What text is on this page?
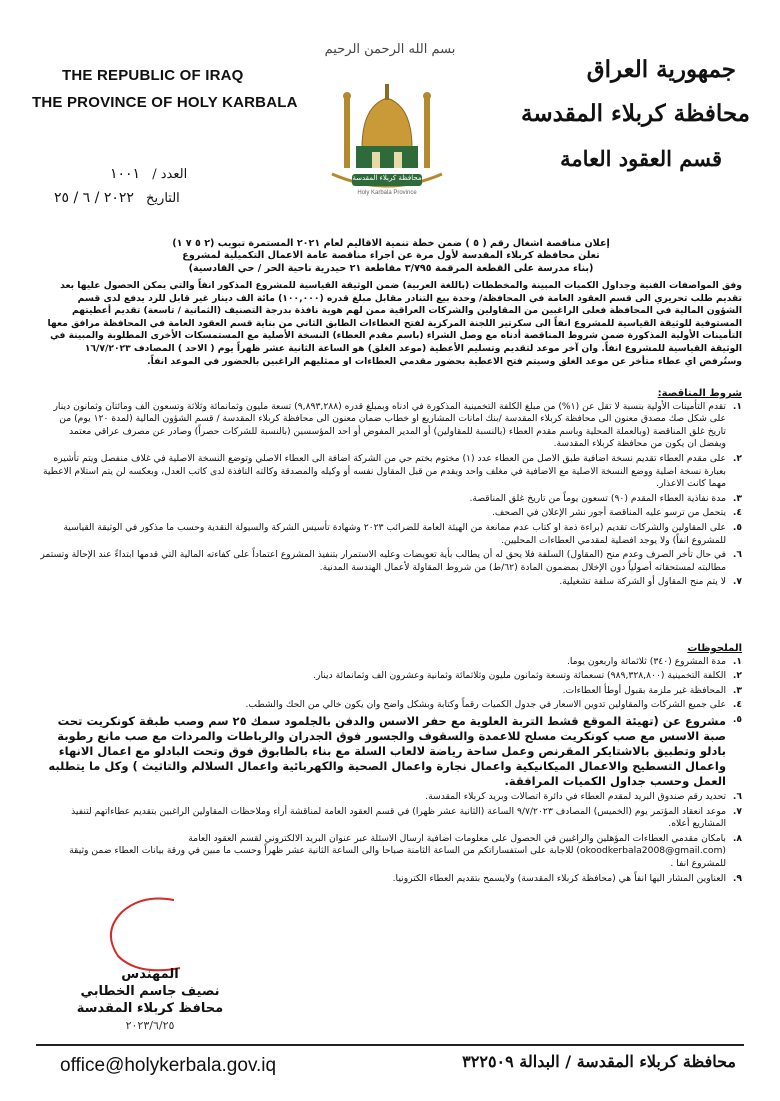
THE REPUBLIC OF IRAQ
THE PROVINCE OF HOLY KARBALA
جمهورية العراق
محافظة كربلاء المقدسة
قسم العقود العامة
بسم الله الرحمن الرحيم
محافظة كربلاء المقدسة
Holy Karbala Province
العدد / ١٠٠١
التاريخ ٢٠٢٢ / ٦ / ٢٥
إعلان مناقصة اشغال رقم ( ٥ ) ضمن خطة تنمية الاقاليم لعام ٢٠٢١ المستمرة تبويب (٢ ٥ ٧ ١)
تعلن محافظة كربلاء المقدسة لأول مرة عن اجراء مناقصة عامة الاعمال التكميلية لمشروع
(بناء مدرسة على القطعة المرقمة ٣/٧٩٥ مقاطعة ٢١ حيدرية ناحية الحر / حي القادسية)
وفق المواصفات الفنية وجداول الكميات المبينة والمخططات (باللغة العربية) ضمن الوثيقة القياسية للمشروع المذكور انفاً والتي يمكن الحصول عليها بعد تقديم طلب تحريري الى قسم العقود العامة في المحافظة/ وحدة بيع التنادر مقابل مبلغ قدره (١٠٠,٠٠٠) مائة الف دينار غير قابل للرد يدفع لدى قسم الشؤون المالية في المحافظة فعلى الراغبين من المقاولين والشركات العراقية ممن لهم هوية نافذة بدرجة التصنيف (الثمانية / تاسعة) تقديم أعطيتهم المستوفية للوثيقة القياسية للمشروع انفاً الى سكرتير اللجنة المركزية لفتح العطاءات الطابق الثاني من بناية قسم العقود العامة في المحافظة مرافق معها التأمينات الأولية المذكورة ضمن شروط المناقصة أدناه مع وصل الشراء (باسم مقدم العطاء) النسخة الأصلية مع المستمسكات الأخرى المطلوبة والمبينة في الوثيقة القياسية للمشروع انفاً. وان آخر موعد لتقديم وتسليم الأعطية (موعد الغلق) هو الساعة الثانية عشر ظهراً يوم ( الاحد ) المصادف ١٦/٧/٢٠٢٣ وستُرفض اي عطاء متأخر عن موعد الغلق وسيتم فتح الاعطية بحضور مقدمي العطاءات او ممثليهم الراغبين بالحضور في الموعد انفاً.
شروط المناقصة:
١.
تقدم التأمينات الأولية بنسبة لا تقل عن (١%) من مبلغ الكلفة التخمينية المذكورة في ادناه وبمبلغ قدره (٩,٨٩٣,٢٨٨) تسعة مليون وثمانمائة وثلاثة وتسعون الف ومائتان وثمانون دينار على شكل صك مصدق معنون الى محافظة كربلاء المقدسة /بنك امانات المشاريع او خطاب ضمان معنون الى محافظة كربلاء المقدسة / قسم الشؤون المالية (لمدة ١٢٠ يوم) من تاريخ غلق المناقصة (وبالعملة المحلية وباسم مقدم العطاء (بالنسبة للمقاولين) أو المدير المفوض أو احد المؤسسين (بالنسبة للشركات حصراً) وصادر عن مصرف عراقي معتمد ويفضل ان يكون من محافظة كربلاء المقدسة.
٢.
على مقدم العطاء تقديم نسخة اضافية طبق الاصل من العطاء عدد (١) مختوم بختم حي من الشركة اضافة الى العطاء الاصلي وتوضع النسخة الاصلية في غلاف منفصل ويتم تأشيره بعبارة نسخة اصلية ووضع النسخة الاصلية مع الاضافية في مغلف واحد ويقدم من قبل المقاول نفسه أو وكيله والمصدقة وكالته النافذة لدى كاتب العدل، وبعكسه لن يتم استلام الاعطية مهما كانت الاعذار.
٣.
مدة نفاذية العطاء المقدم (٩٠) تسعون يوماً من تاريخ غلق المناقصة.
٤.
يتحمل من ترسو عليه المناقصة أجور نشر الإعلان في الصحف.
٥.
على المقاولين والشركات تقديم (براءة ذمة او كتاب عدم ممانعة من الهيئة العامة للضرائب ٢٠٢٣ وشهادة تأسيس الشركة والسيولة النقدية وحسب ما مذكور في الوثيقة القياسية للمشروع انفاً) ولا يوجد افضلية لمقدمي العطاءات المحليين.
٦.
في حال تأخر الصرف وعدم منح (المقاول) السلفة فلا يحق له أن يطالب بأية تعويضات وعليه الاستمرار بتنفيذ المشروع اعتماداً على كفاءته المالية التي قدمها ابتداءً عند الإحالة وتستمر مطالبته لمستحقاته أصولياً دون الإخلال بمضمون المادة (٦٢/ط) من شروط المقاولة لأعمال الهندسة المدنية.
٧.
لا يتم منح المقاول أو الشركة سلفة تشغيلية.
الملحوظات
١.
مدة المشروع (٣٤٠) ثلاثمائة واربعون يوما.
٢.
الكلفة التخمينية (٩٨٩,٣٢٨,٨٠٠) تسعمائة وتسعة وثمانون مليون وثلاثمائة وثمانية وعشرون الف وثمانمائة دينار.
٣.
المحافظة غير ملزمة بقبول أوطأ العطاءات.
٤.
على جميع الشركات والمقاولين تدوين الاسعار في جدول الكميات رقماً وكتابة وبشكل واضح وان يكون خالي من الحك والشطب.
٥.
مشروع عن (تهيئة الموقع قشط التربة العلوية مع حفر الاسس والدفن بالجلمود سمك ٢٥ سم وصب طبقة كونكريت تحت صبة الاسس مع صب كونكريت مسلح للاعمدة والسقوف والجسور فوق الجدران والرباطات والمردات مع صب مانع رطوبة بادلو وتطبيق بالاشتايكر المقرنص وعمل ساحة رياضة لالعاب السلة مع بناء بالطابوق فوق وتحت البادلو مع اعمال الانهاء واعمال التسطيح والاعمال الميكانيكية واعمال نجارة واعمال الصحية والكهربائية واعمال السلالم والتاثيث ) وكل ما يتطلبه العمل وحسب جداول الكميات المرافقة.
٦.
تحديد رقم صندوق البريد لمقدم العطاء في دائرة اتصالات وبريد كربلاء المقدسة.
٧.
موعد انعقاد المؤتمر يوم (الخميس) المصادف ٩/٧/٢٠٢٣ الساعة (الثانية عشر ظهرا) في قسم العقود العامة لمناقشة أراء وملاحظات المقاولين الراغبين بتقديم عطاءاتهم لتنفيذ المشاريع أعلاه.
٨.
بامكان مقدمي العطاءات المؤهلين والراغبين في الحصول على معلومات اضافية ارسال الاسئلة عبر عنوان البريد الالكتروني لقسم العقود العامة (okoodkerbala2008@gmail.com) للاجابة على استفساراتكم من الساعة الثامنة صباحا والى الساعة الثانية عشر ظهراً وحسب ما مبين في ورقة بيانات العطاء ضمن وثيقة للمشروع انفا .
٩.
العناوين المشار اليها انفاً هي (محافظة كربلاء المقدسة) ولايسمح بتقديم العطاء الكترونيا.
المهندس
نصيف جاسم الخطابي
محافظ كربلاء المقدسة
٢٠٢٣/٦/٢٥
office@holykerbala.gov.iq	محافظة كربلاء المقدسة / البدالة ٣٢٢٥٠٩
